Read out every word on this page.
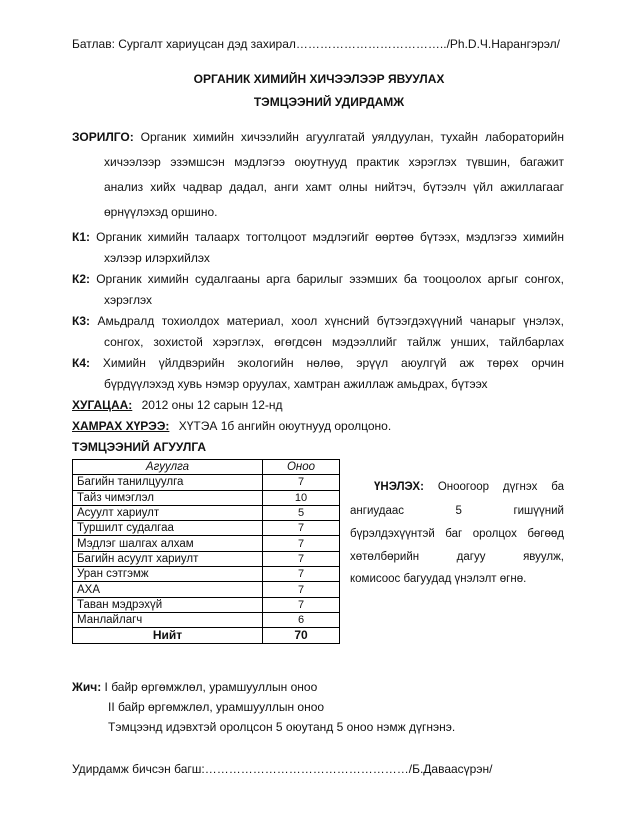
Батлав: Сургалт хариуцсан дэд захирал………………………………../Ph.D.Ч.Нарангэрэл/
ОРГАНИК ХИМИЙН ХИЧЭЭЛЭЭР ЯВУУЛАХ
ТЭМЦЭЭНИЙ УДИРДАМЖ
ЗОРИЛГО: Органик химийн хичээлийн агуулгатай уялдуулан, тухайн лабораторийн
хичээлээр эзэмшсэн мэдлэгээ оюутнууд практик хэрэглэх түвшин, багажит
анализ хийх чадвар дадал, анги хамт олны нийтэч, бүтээлч үйл ажиллагааг
өрнүүлэхэд оршино.
К1: Органик химийн талаарх тогтолцоот мэдлэгийг өөртөө бүтээх, мэдлэгээ химийн
хэлээр илэрхийлэх
К2: Органик химийн судалгааны арга барилыг эзэмших ба тооцоолох аргыг сонгох,
хэрэглэх
К3: Амьдралд тохиолдох материал, хоол хүнсний бүтээгдэхүүний чанарыг үнэлэх,
сонгох, зохистой хэрэглэх, өгөгдсөн мэдээллийг тайлж унших, тайлбарлах
К4: Химийн үйлдвэрийн экологийн нөлөө, эрүүл аюулгүй аж төрөх орчин
бүрдүүлэхэд хувь нэмэр оруулах, хамтран ажиллаж амьдрах, бүтээх
ХУГАЦАА: 2012 оны 12 сарын 12-нд
ХАМРАХ ХҮРЭЭ: ХҮТЭА 1б ангийн оюутнууд оролцоно.
ТЭМЦЭЭНИЙ АГУУЛГА
Агуулга	Оноо
Багийн танилцуулга	7
Тайз чимэглэл	10
Асуулт хариулт	5
Туршилт судалгаа	7
Мэдлэг шалгах алхам	7
Багийн асуулт хариулт	7
Уран сэтгэмж	7
АХА	7
Таван мэдрэхүй	7
Манлайлагч	6
Нийт	70
ҮНЭЛЭХ: Оноогоор дүгнэх ба
ангиудаас 5 гишүүний
бүрэлдэхүүнтэй баг оролцох бөгөөд
хөтөлбөрийн дагуу явуулж,
комисоос багуудад үнэлэлт өгнө.
Жич: I байр өргөмжлөл, урамшууллын оноо
II байр өргөмжлөл, урамшууллын оноо
Тэмцээнд идэвхтэй оролцсон 5 оюутанд 5 оноо нэмж дүгнэнэ.
Удирдамж бичсэн багш:……………………………………………/Б.Даваасүрэн/
